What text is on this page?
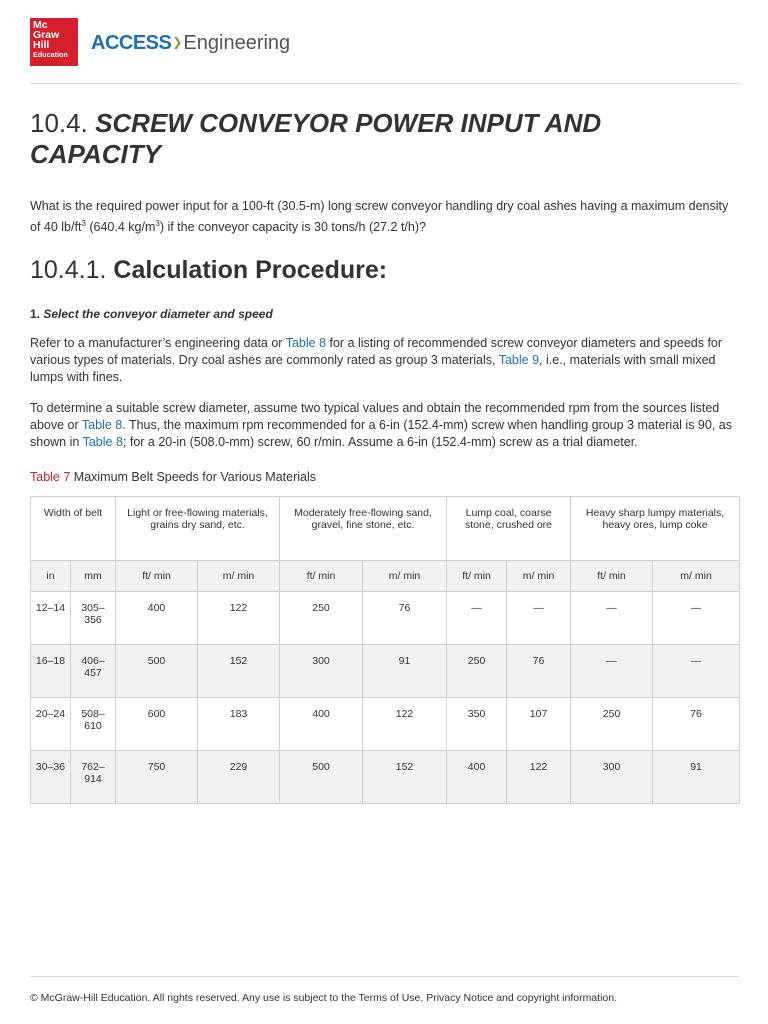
Mc
Graw
Hill
Education
ACCESS❯Engineering
10.4. SCREW CONVEYOR POWER INPUT AND CAPACITY

What is the required power input for a 100-ft (30.5-m) long screw conveyor handling dry coal ashes having a maximum density of 40 $lb/ft^3$ (640.4 $kg/m^3$) if the conveyor capacity is 30 tons/h (27.2 t/h)?

10.4.1. Calculation Procedure:
1. Select the conveyor diameter and speed

Refer to a manufacturer’s engineering data or Table 8 for a listing of recommended screw conveyor diameters and speeds for various types of materials. Dry coal ashes are commonly rated as group 3 materials, Table 9, i.e., materials with small mixed lumps with fines.

To determine a suitable screw diameter, assume two typical values and obtain the recommended rpm from the sources listed above or Table 8. Thus, the maximum rpm recommended for a 6-in (152.4-mm) screw when handling group 3 material is 90, as shown in Table 8; for a 20-in (508.0-mm) screw, 60 r/min. Assume a 6-in (152.4-mm) screw as a trial diameter.

Table 7 Maximum Belt Speeds for Various Materials
Width of belt		Light or free-flowing materials, grains dry sand, etc.		Moderately free-flowing sand, gravel, fine stone, etc.		Lump coal, coarse stone, crushed ore		Heavy sharp lumpy materials, heavy ores, lump coke	
in	mm	ft/ min	m/ min	ft/ min	m/ min	ft/ min	m/ min	ft/ min	m/ min
12–14	305–356	400	122	250	76	—	—	—	—
16–18	406–457	500	152	300	91	250	76	—	—
20–24	508–610	600	183	400	122	350	107	250	76
30–36	762–914	750	229	500	152	400	122	300	91
© McGraw-Hill Education. All rights reserved. Any use is subject to the Terms of Use, Privacy Notice and copyright information.
